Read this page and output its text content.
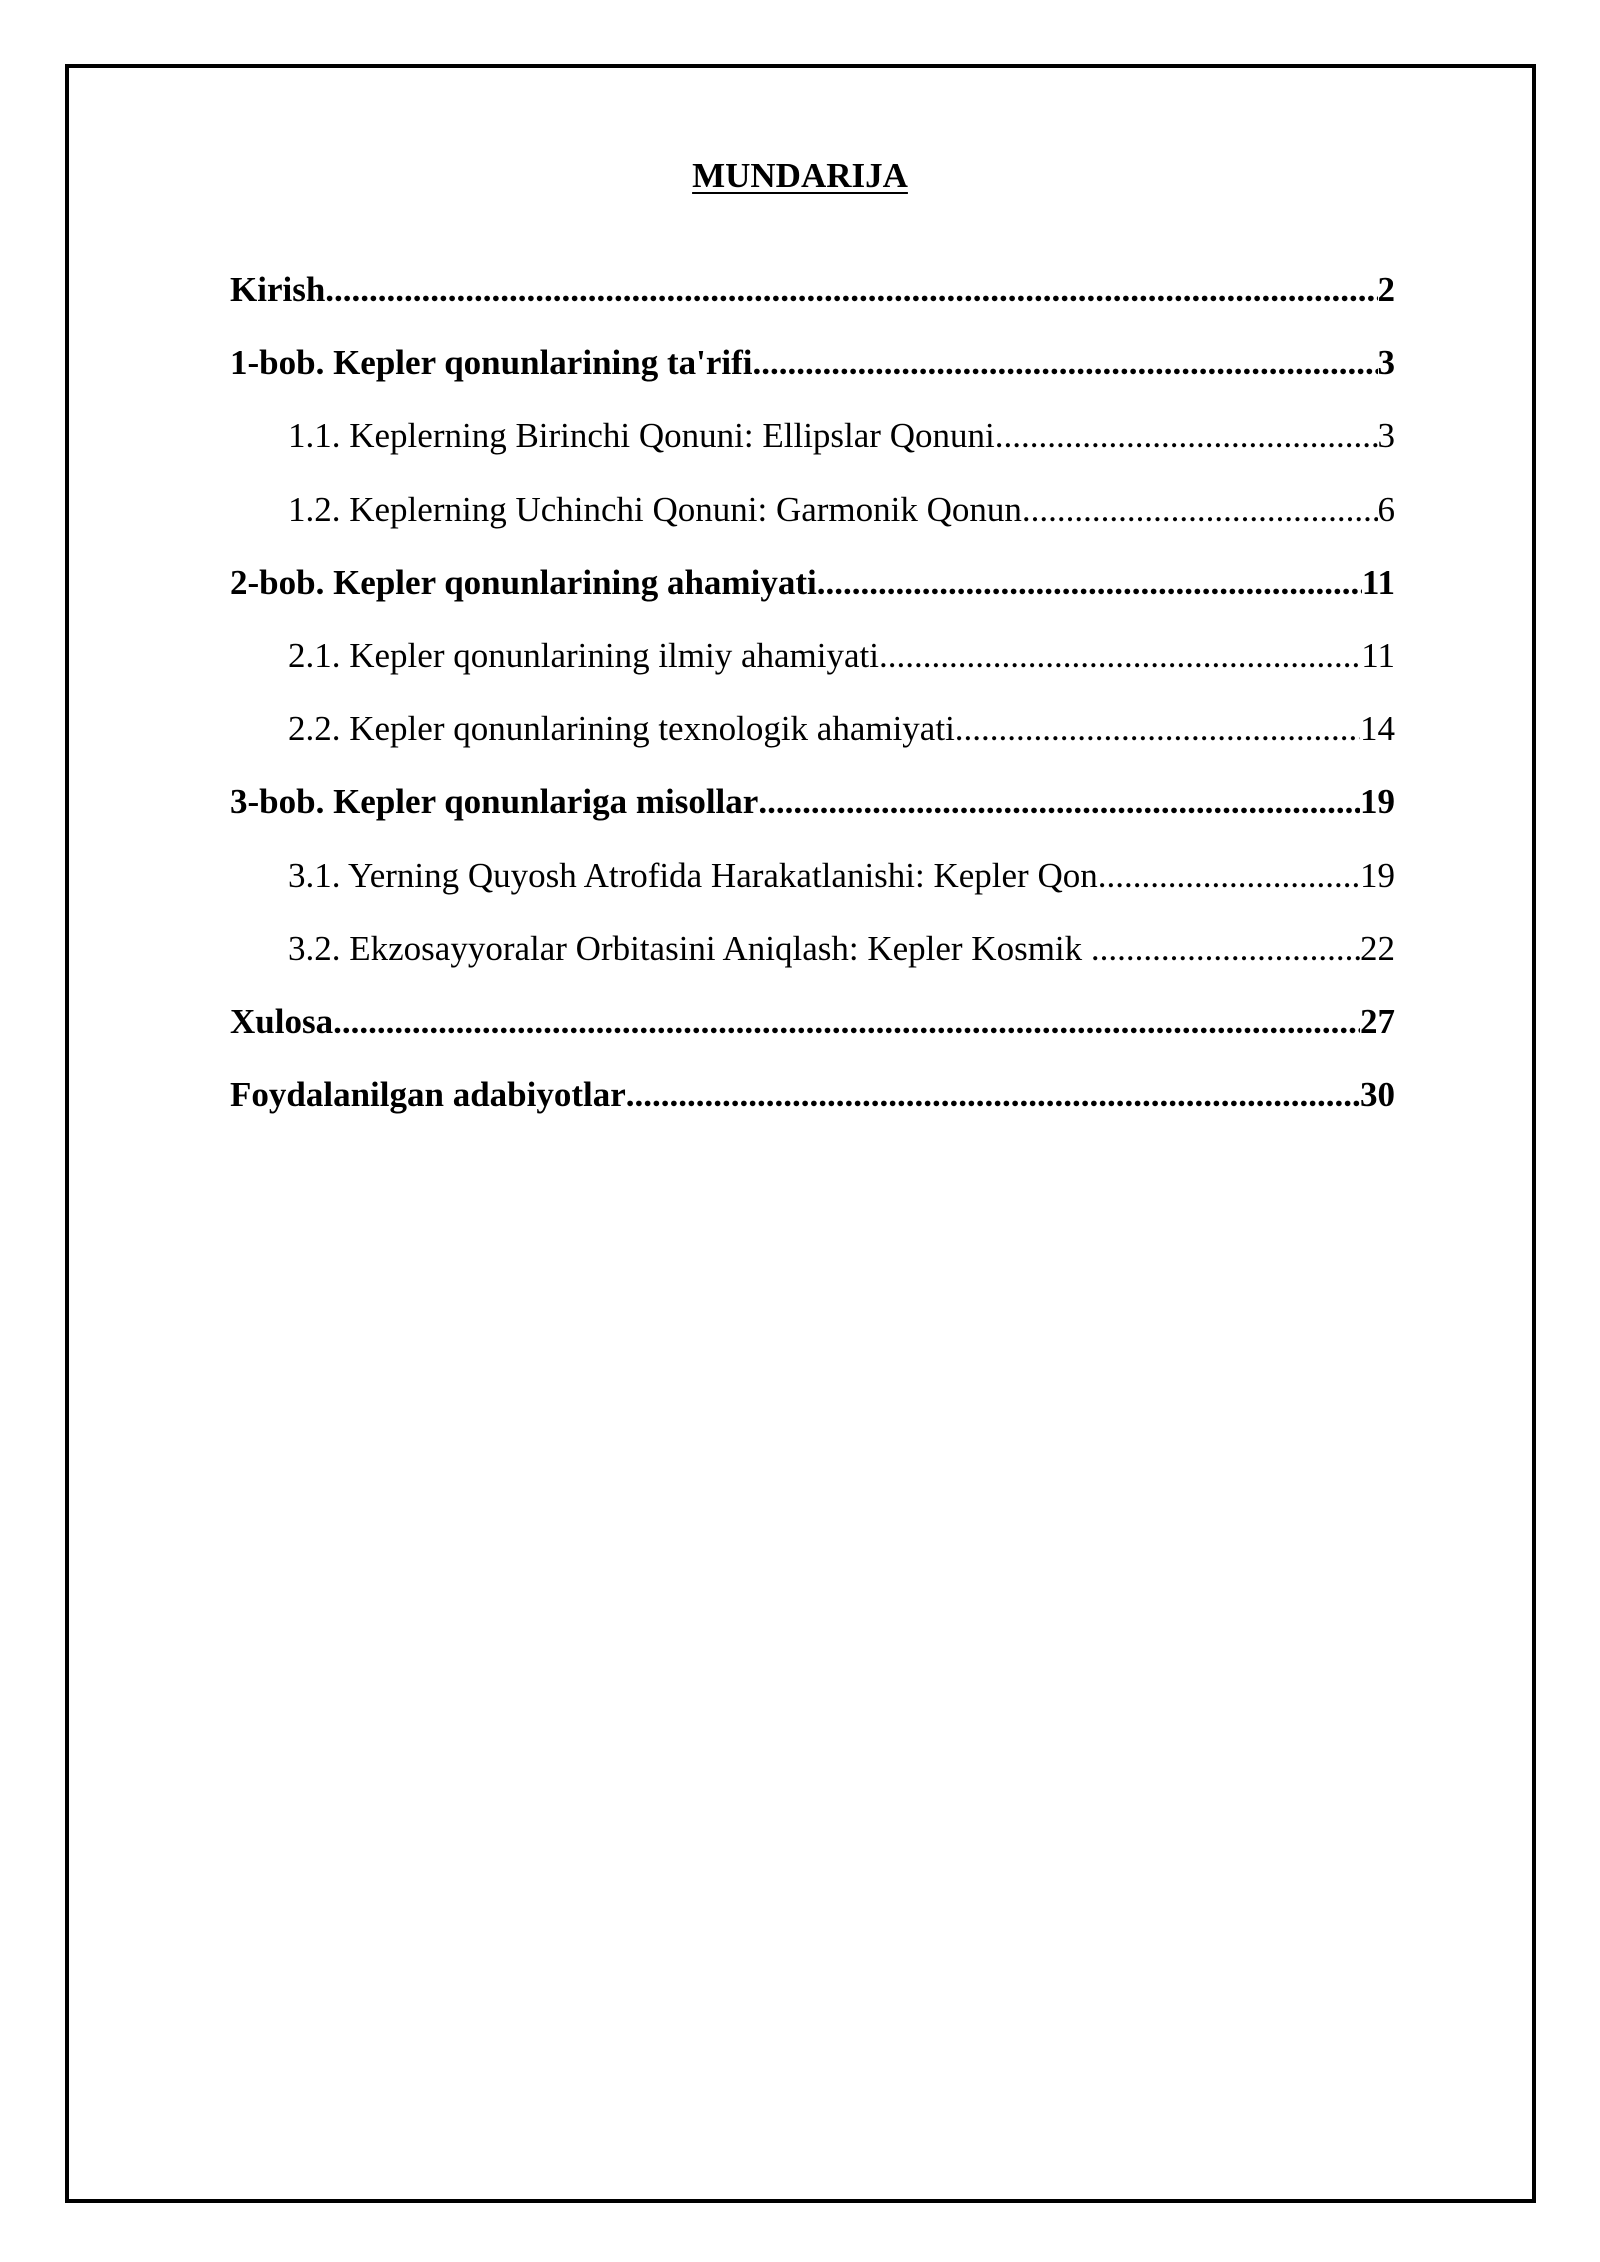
MUNDARIJA
Kirish .....	2
1-bob. Kepler qonunlarining ta'rifi .....	3
1.1. Keplerning Birinchi Qonuni: Ellipslar Qonuni .....	3
1.2. Keplerning Uchinchi Qonuni: Garmonik Qonun .....	6
2-bob. Kepler qonunlarining ahamiyati .....	11
2.1. Kepler qonunlarining ilmiy ahamiyati .....	11
2.2. Kepler qonunlarining texnologik ahamiyati .....	14
3-bob. Kepler qonunlariga misollar .....	19
3.1. Yerning Quyosh Atrofida Harakatlanishi: Kepler Qon .....	19
3.2. Ekzosayyoralar Orbitasini Aniqlash: Kepler Kosmik .....	22
Xulosa .....	27
Foydalanilgan adabiyotlar .....	30
